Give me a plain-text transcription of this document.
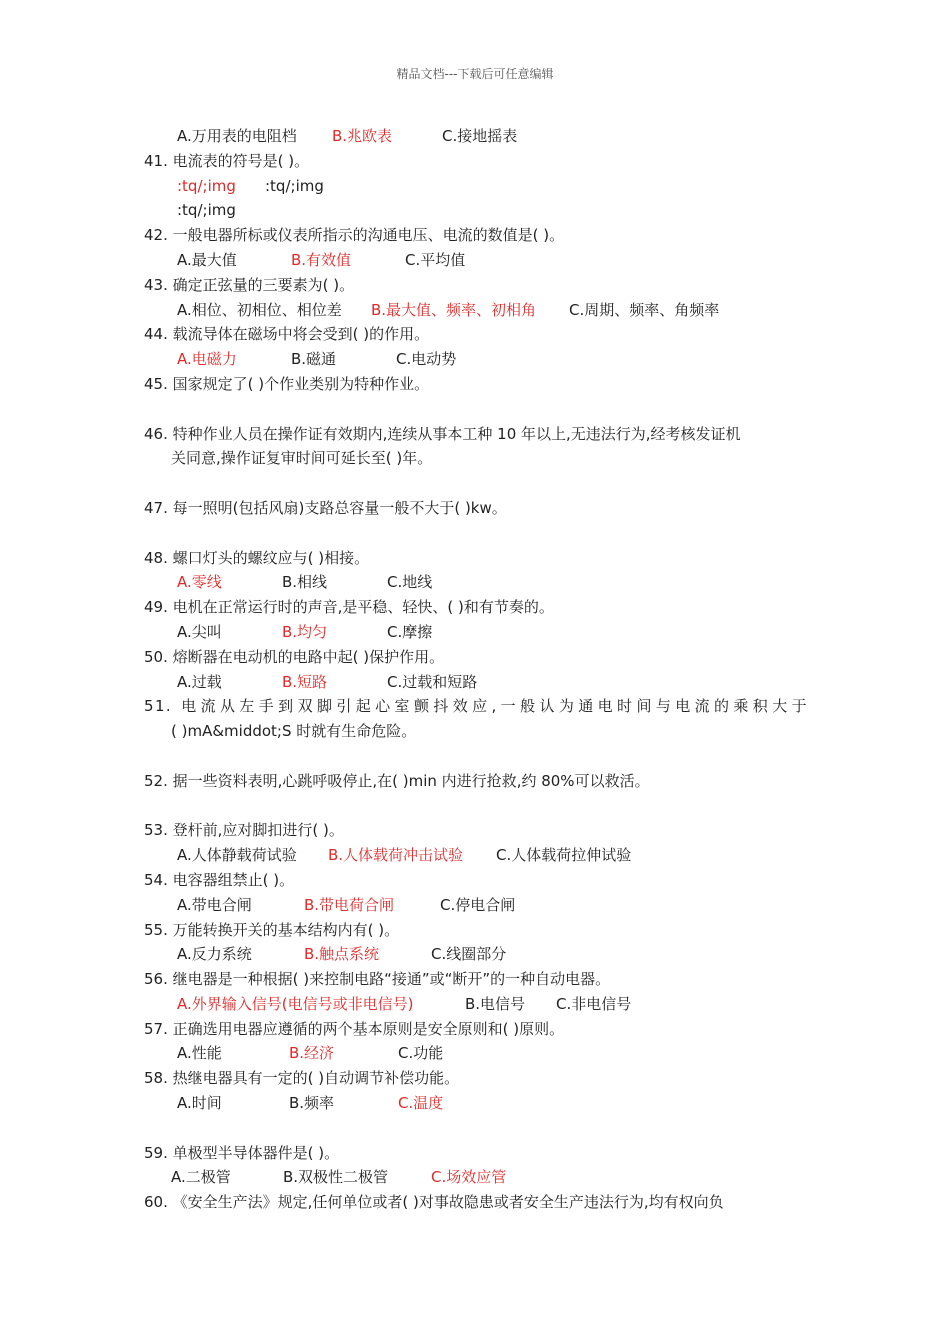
精品文档---下载后可任意编辑
A.万用表的电阻档 B.兆欧表	C.接地摇表
41. 电流表的符号是( )。
:tq/;img :tq/;img
:tq/;img
42. 一般电器所标或仪表所指示的沟通电压、电流的数值是( )。
A.最大值	B.有效值	C.平均值
43. 确定正弦量的三要素为( )。
A.相位、初相位、相位差 B.最大值、频率、初相角 C.周期、频率、角频率
44. 载流导体在磁场中将会受到( )的作用。
A.电磁力	B.磁通	C.电动势
45. 国家规定了( )个作业类别为特种作业。
46. 特种作业人员在操作证有效期内,连续从事本工种 10 年以上,无违法行为,经考核发证机
关同意,操作证复审时间可延长至( )年。
47. 每一照明(包括风扇)支路总容量一般不大于( )kw。
48. 螺口灯头的螺纹应与( )相接。
A.零线	B.相线	C.地线
49. 电机在正常运行时的声音,是平稳、轻快、( )和有节奏的。
A.尖叫	B.均匀	C.摩擦
50. 熔断器在电动机的电路中起( )保护作用。
A.过载	B.短路	C.过载和短路
51. 电流从左手到双脚引起心室颤抖效应,一般认为通电时间与电流的乘积大于
( )mA&middot;S 时就有生命危险。
52. 据一些资料表明,心跳呼吸停止,在( )min 内进行抢救,约 80%可以救活。
53. 登杆前,应对脚扣进行( )。
A.人体静载荷试验 B.人体载荷冲击试验 C.人体载荷拉伸试验
54. 电容器组禁止( )。
A.带电合闸	B.带电荷合闸	C.停电合闸
55. 万能转换开关的基本结构内有( )。
A.反力系统	B.触点系统	C.线圈部分
56. 继电器是一种根据( )来控制电路“接通”或“断开”的一种自动电器。
A.外界输入信号(电信号或非电信号)	B.电信号 C.非电信号
57. 正确选用电器应遵循的两个基本原则是安全原则和( )原则。
A.性能	B.经济	C.功能
58. 热继电器具有一定的( )自动调节补偿功能。
A.时间	B.频率	C.温度
59. 单极型半导体器件是( )。
A.二极管	B.双极性二极管	C.场效应管
60. 《安全生产法》规定,任何单位或者( )对事故隐患或者安全生产违法行为,均有权向负
